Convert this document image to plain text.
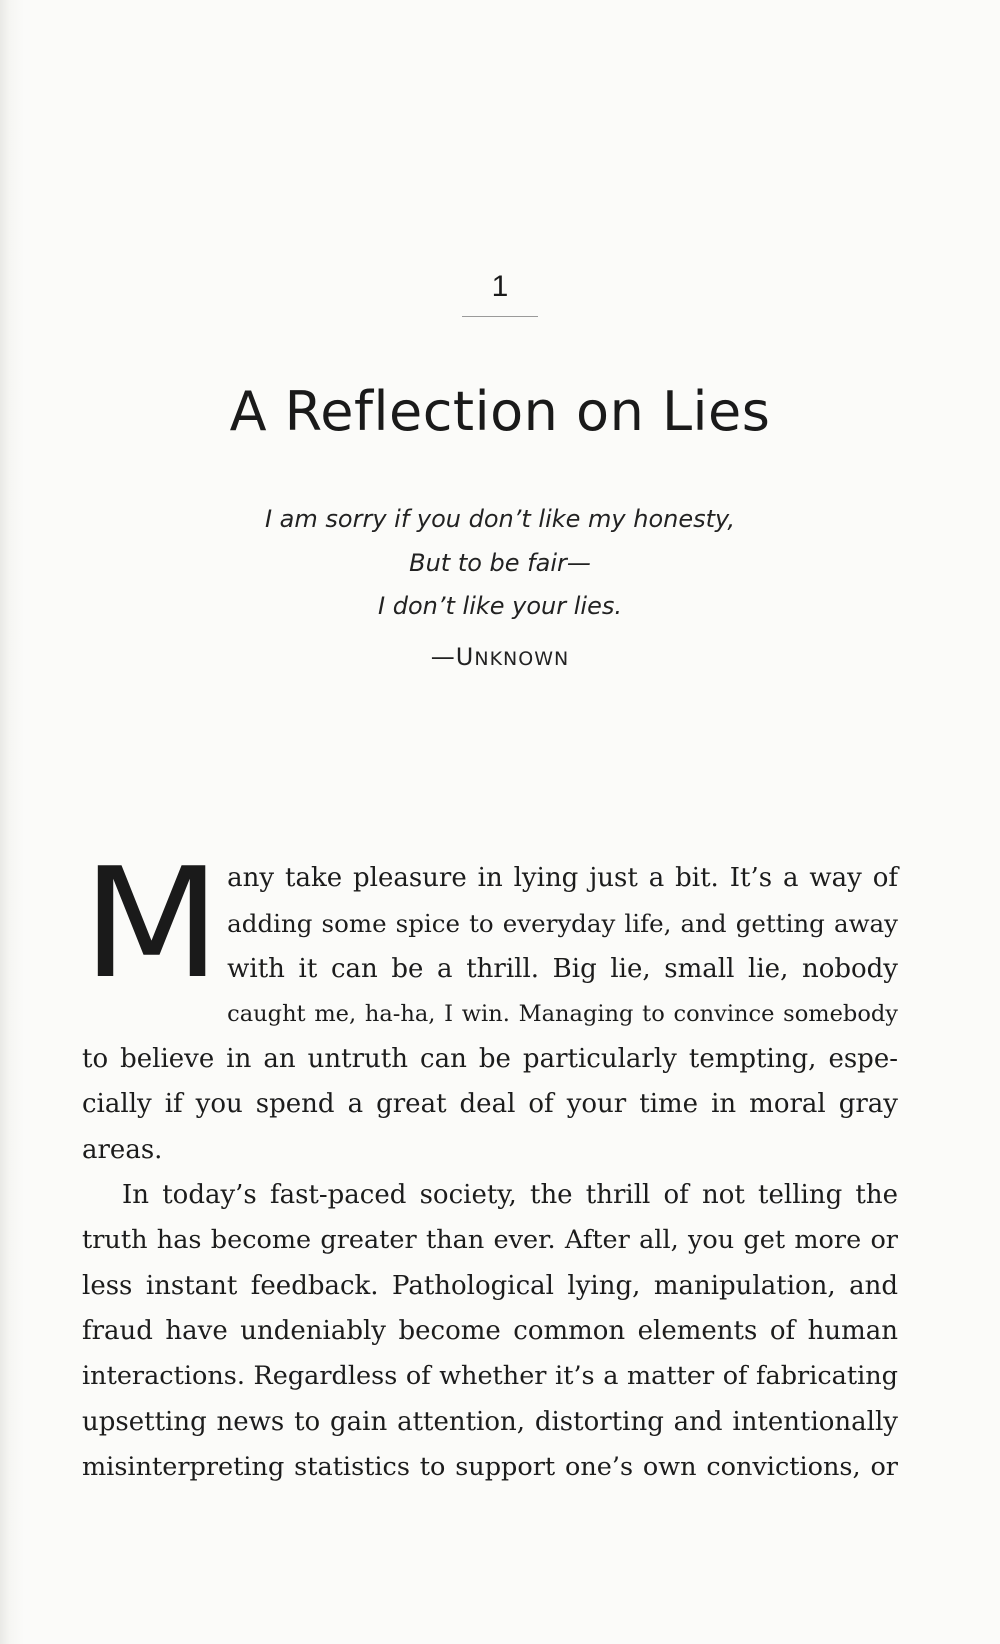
1
A Reflection on Lies
I am sorry if you don’t like my honesty,
But to be fair—
I don’t like your lies.
—UNKNOWN
M any take pleasure in lying just a bit. It’s a way of
adding some spice to everyday life, and getting away
with it can be a thrill. Big lie, small lie, nobody
caught me, ha-ha, I win. Managing to convince somebody
to believe in an untruth can be particularly tempting, espe-
cially if you spend a great deal of your time in moral gray
areas.
In today’s fast-paced society, the thrill of not telling the
truth has become greater than ever. After all, you get more or
less instant feedback. Pathological lying, manipulation, and
fraud have undeniably become common elements of human
interactions. Regardless of whether it’s a matter of fabricating
upsetting news to gain attention, distorting and intentionally
misinterpreting statistics to support one’s own convictions, or
